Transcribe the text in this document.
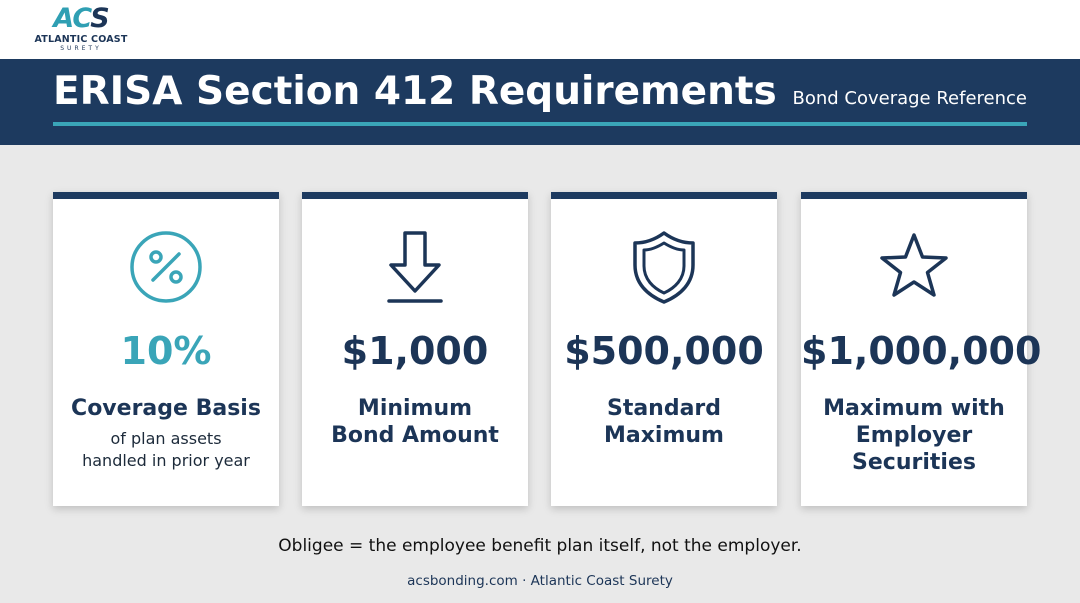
ACS
ATLANTIC COAST
SURETY
ERISA Section 412 Requirements Bond Coverage Reference
10%
Coverage Basis
of plan assets
handled in prior year
$1,000
Minimum
Bond Amount
$500,000
Standard
Maximum
$1,000,000
Maximum with
Employer
Securities
Obligee = the employee benefit plan itself, not the employer.
acsbonding.com · Atlantic Coast Surety
